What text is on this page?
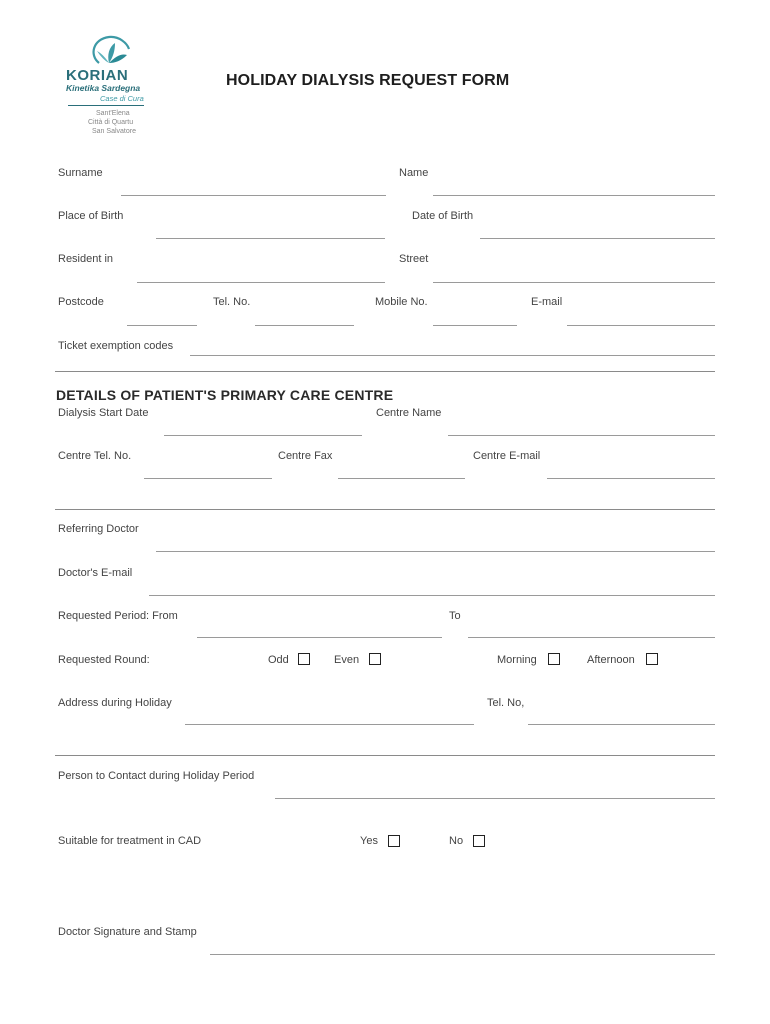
KORIAN
Kinetika Sardegna
Case di Cura
Sant'Elena
Città di Quartu
San Salvatore
HOLIDAY DIALYSIS REQUEST FORM
Surname	Name
Place of Birth	Date of Birth
Resident in	Street
Postcode	Tel. No.	Mobile No.	E-mail
Ticket exemption codes
DETAILS OF PATIENT'S PRIMARY CARE CENTRE
Dialysis Start Date	Centre Name
Centre Tel. No.	Centre Fax	Centre E-mail
Referring Doctor
Doctor's E-mail
Requested Period: From	To
Requested Round:	Odd	Even	Morning	Afternoon
Address during Holiday	Tel. No,
Person to Contact during Holiday Period
Suitable for treatment in CAD	Yes	No
Doctor Signature and Stamp
